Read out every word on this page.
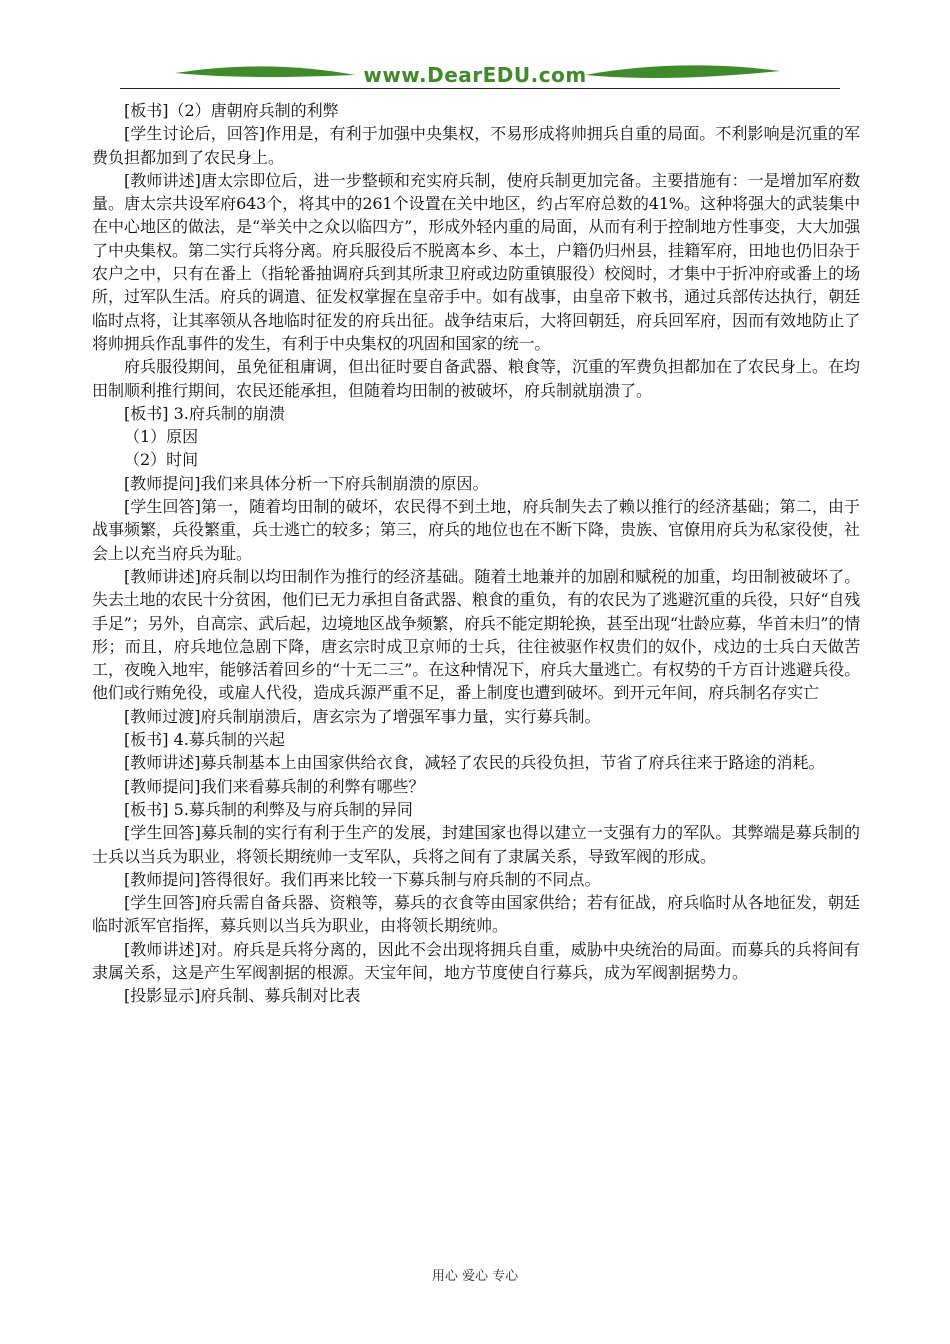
www.DearEDU.com

[板书]（2）唐朝府兵制的利弊

[学生讨论后，回答]作用是，有利于加强中央集权，不易形成将帅拥兵自重的局面。不利影响是沉重的军费负担都加到了农民身上。

[教师讲述]唐太宗即位后，进一步整顿和充实府兵制，使府兵制更加完备。主要措施有：一是增加军府数量。唐太宗共设军府643个，将其中的261个设置在关中地区，约占军府总数的41%。这种将强大的武装集中在中心地区的做法，是“举关中之众以临四方”，形成外轻内重的局面，从而有利于控制地方性事变，大大加强了中央集权。第二实行兵将分离。府兵服役后不脱离本乡、本土，户籍仍归州县，挂籍军府，田地也仍旧杂于农户之中，只有在番上（指轮番抽调府兵到其所隶卫府或边防重镇服役）校阅时，才集中于折冲府或番上的场所，过军队生活。府兵的调遣、征发权掌握在皇帝手中。如有战事，由皇帝下敕书，通过兵部传达执行，朝廷临时点将，让其率领从各地临时征发的府兵出征。战争结束后，大将回朝廷，府兵回军府，因而有效地防止了将帅拥兵作乱事件的发生，有利于中央集权的巩固和国家的统一。

府兵服役期间，虽免征租庸调，但出征时要自备武器、粮食等，沉重的军费负担都加在了农民身上。在均田制顺利推行期间，农民还能承担，但随着均田制的被破坏，府兵制就崩溃了。

[板书] 3.府兵制的崩溃

（1）原因

（2）时间

[教师提问]我们来具体分析一下府兵制崩溃的原因。

[学生回答]第一，随着均田制的破坏，农民得不到土地，府兵制失去了赖以推行的经济基础；第二，由于战事频繁，兵役繁重，兵士逃亡的较多；第三，府兵的地位也在不断下降，贵族、官僚用府兵为私家役使，社会上以充当府兵为耻。

[教师讲述]府兵制以均田制作为推行的经济基础。随着土地兼并的加剧和赋税的加重，均田制被破坏了。失去土地的农民十分贫困，他们已无力承担自备武器、粮食的重负，有的农民为了逃避沉重的兵役，只好“自残手足”；另外，自高宗、武后起，边境地区战争频繁，府兵不能定期轮换，甚至出现“壮龄应募，华首未归”的情形；而且，府兵地位急剧下降，唐玄宗时成卫京师的士兵，往往被驱作权贵们的奴仆，戍边的士兵白天做苦工，夜晚入地牢，能够活着回乡的“十无二三”。在这种情况下，府兵大量逃亡。有权势的千方百计逃避兵役。他们或行贿免役，或雇人代役，造成兵源严重不足，番上制度也遭到破坏。到开元年间，府兵制名存实亡

[教师过渡]府兵制崩溃后，唐玄宗为了增强军事力量，实行募兵制。

[板书] 4.募兵制的兴起

[教师讲述]募兵制基本上由国家供给衣食，减轻了农民的兵役负担，节省了府兵往来于路途的消耗。

[教师提问]我们来看募兵制的利弊有哪些？

[板书] 5.募兵制的利弊及与府兵制的异同

[学生回答]募兵制的实行有利于生产的发展，封建国家也得以建立一支强有力的军队。其弊端是募兵制的士兵以当兵为职业，将领长期统帅一支军队，兵将之间有了隶属关系，导致军阀的形成。

[教师提问]答得很好。我们再来比较一下募兵制与府兵制的不同点。

[学生回答]府兵需自备兵器、资粮等，募兵的衣食等由国家供给；若有征战，府兵临时从各地征发，朝廷临时派军官指挥，募兵则以当兵为职业，由将领长期统帅。

[教师讲述]对。府兵是兵将分离的，因此不会出现将拥兵自重，威胁中央统治的局面。而募兵的兵将间有隶属关系，这是产生军阀割据的根源。天宝年间，地方节度使自行募兵，成为军阀割据势力。

[投影显示]府兵制、募兵制对比表

用心 爱心 专心
